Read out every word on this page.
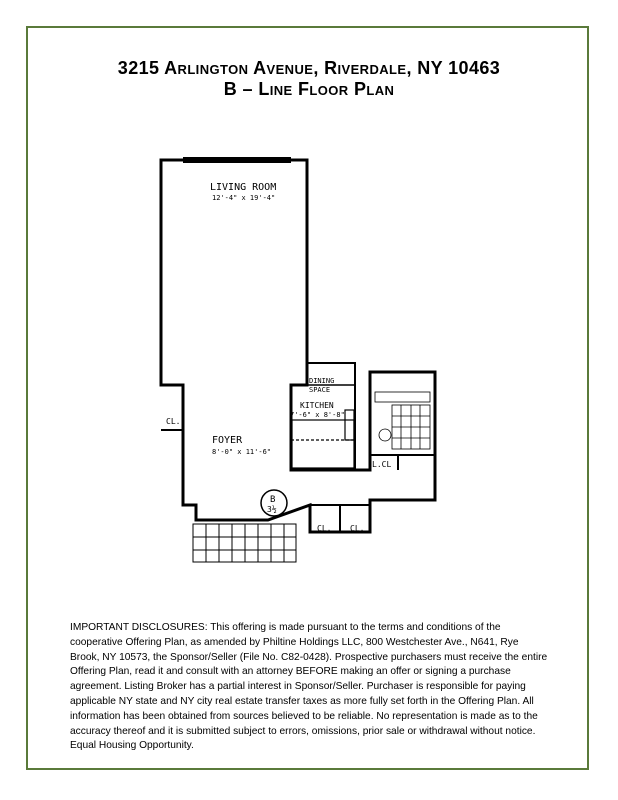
3215 Arlington Avenue, Riverdale, NY 10463
B – Line Floor Plan
LIVING ROOM
12'-4" x 19'-4"
DINING
SPACE
KITCHEN
7'-6" x 8'-8"
FOYER
8'-0" x 11'-6"
CL.
L.CL
CL. CL.
B
3½
IMPORTANT DISCLOSURES: This offering is made pursuant to the terms and conditions of the cooperative Offering Plan, as amended by Philtine Holdings LLC, 800 Westchester Ave., N641, Rye Brook, NY 10573, the Sponsor/Seller (File No. C82-0428). Prospective purchasers must receive the entire Offering Plan, read it and consult with an attorney BEFORE making an offer or signing a purchase agreement. Listing Broker has a partial interest in Sponsor/Seller. Purchaser is responsible for paying applicable NY state and NY city real estate transfer taxes as more fully set forth in the Offering Plan. All information has been obtained from sources believed to be reliable. No representation is made as to the accuracy thereof and it is submitted subject to errors, omissions, prior sale or withdrawal without notice. Equal Housing Opportunity.
